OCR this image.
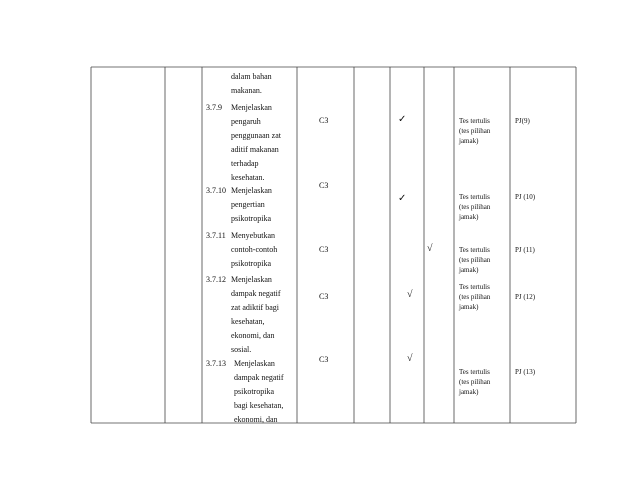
dalam bahan
makanan.
3.7.9 Menjelaskan
pengaruh
penggunaan zat
aditif makanan
terhadap
kesehatan.
3.7.10 Menjelaskan
pengertian
psikotropika
3.7.11 Menyebutkan
contoh-contoh
psikotropika
3.7.12 Menjelaskan
dampak negatif
zat adiktif bagi
kesehatan,
ekonomi, dan
sosial.
3.7.13 Menjelaskan
dampak negatif
psikotropika
bagi kesehatan,
ekonomi, dan
C3
C3
C3
C3
C3
✓
✓
√
√
√
Tes tertulis
(tes pilihan
jamak)
Tes tertulis
(tes pilihan
jamak)
Tes tertulis
(tes pilihan
jamak)
Tes tertulis
(tes pilihan
jamak)
Tes tertulis
(tes pilihan
jamak)
PJ(9)
PJ (10)
PJ (11)
PJ (12)
PJ (13)
